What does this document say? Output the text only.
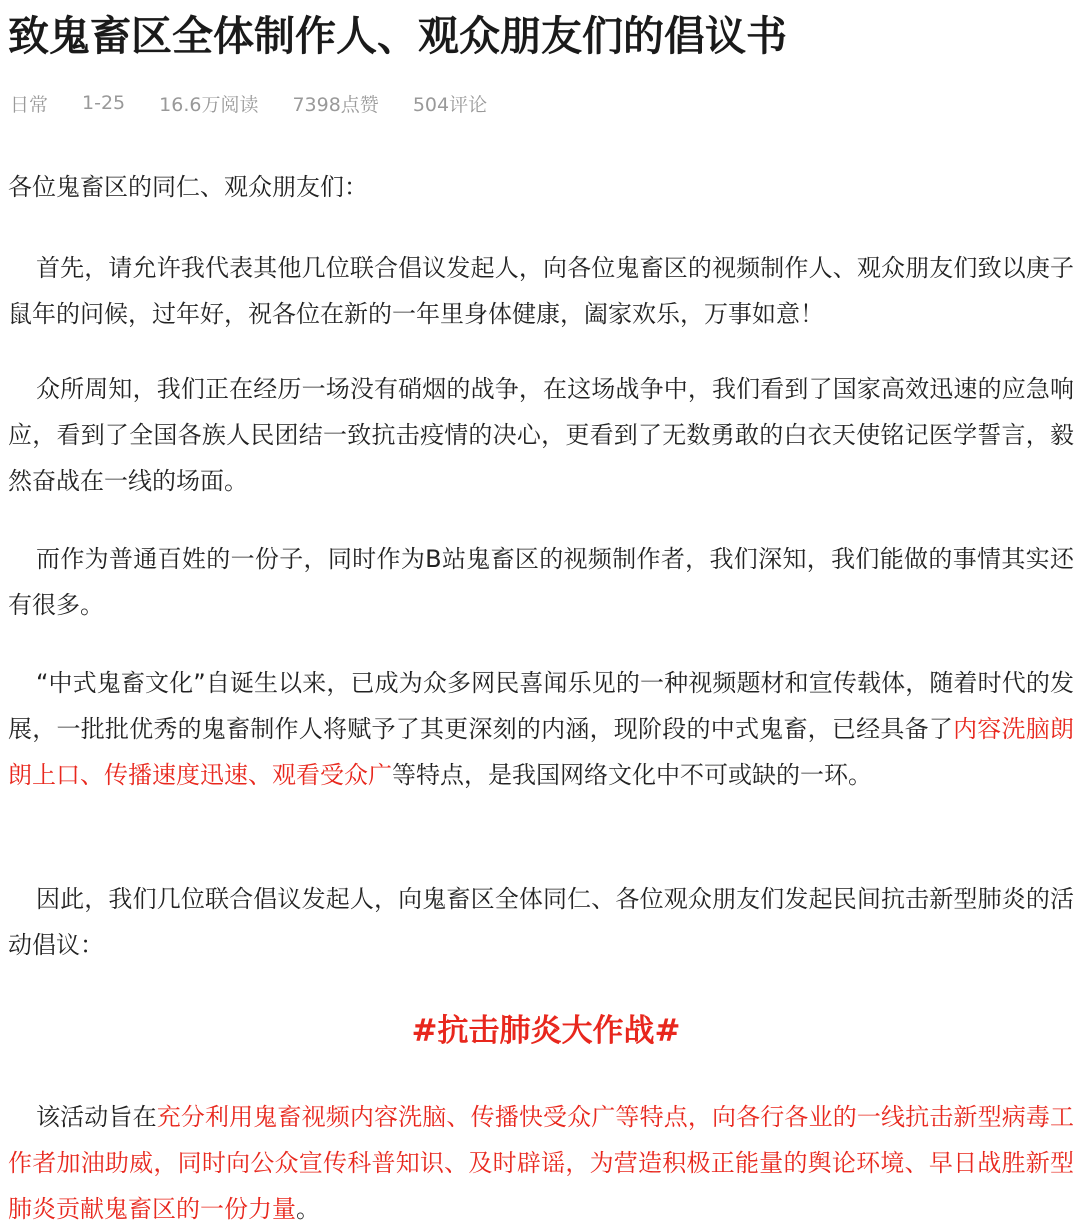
致鬼畜区全体制作人、观众朋友们的倡议书
日常 1-25 16.6万阅读 7398点赞 504评论

各位鬼畜区的同仁、观众朋友们：

首先，请允许我代表其他几位联合倡议发起人，向各位鬼畜区的视频制作人、观众朋友们致以庚子鼠年的问候，过年好，祝各位在新的一年里身体健康，阖家欢乐，万事如意！

众所周知，我们正在经历一场没有硝烟的战争，在这场战争中，我们看到了国家高效迅速的应急响应，看到了全国各族人民团结一致抗击疫情的决心，更看到了无数勇敢的白衣天使铭记医学誓言，毅然奋战在一线的场面。

而作为普通百姓的一份子，同时作为B站鬼畜区的视频制作者，我们深知，我们能做的事情其实还有很多。

“中式鬼畜文化”自诞生以来，已成为众多网民喜闻乐见的一种视频题材和宣传载体，随着时代的发展，一批批优秀的鬼畜制作人将赋予了其更深刻的内涵，现阶段的中式鬼畜，已经具备了内容洗脑朗朗上口、传播速度迅速、观看受众广等特点，是我国网络文化中不可或缺的一环。

因此，我们几位联合倡议发起人，向鬼畜区全体同仁、各位观众朋友们发起民间抗击新型肺炎的活动倡议：

#抗击肺炎大作战#

该活动旨在充分利用鬼畜视频内容洗脑、传播快受众广等特点，向各行各业的一线抗击新型病毒工作者加油助威，同时向公众宣传科普知识、及时辟谣，为营造积极正能量的舆论环境、早日战胜新型肺炎贡献鬼畜区的一份力量。
